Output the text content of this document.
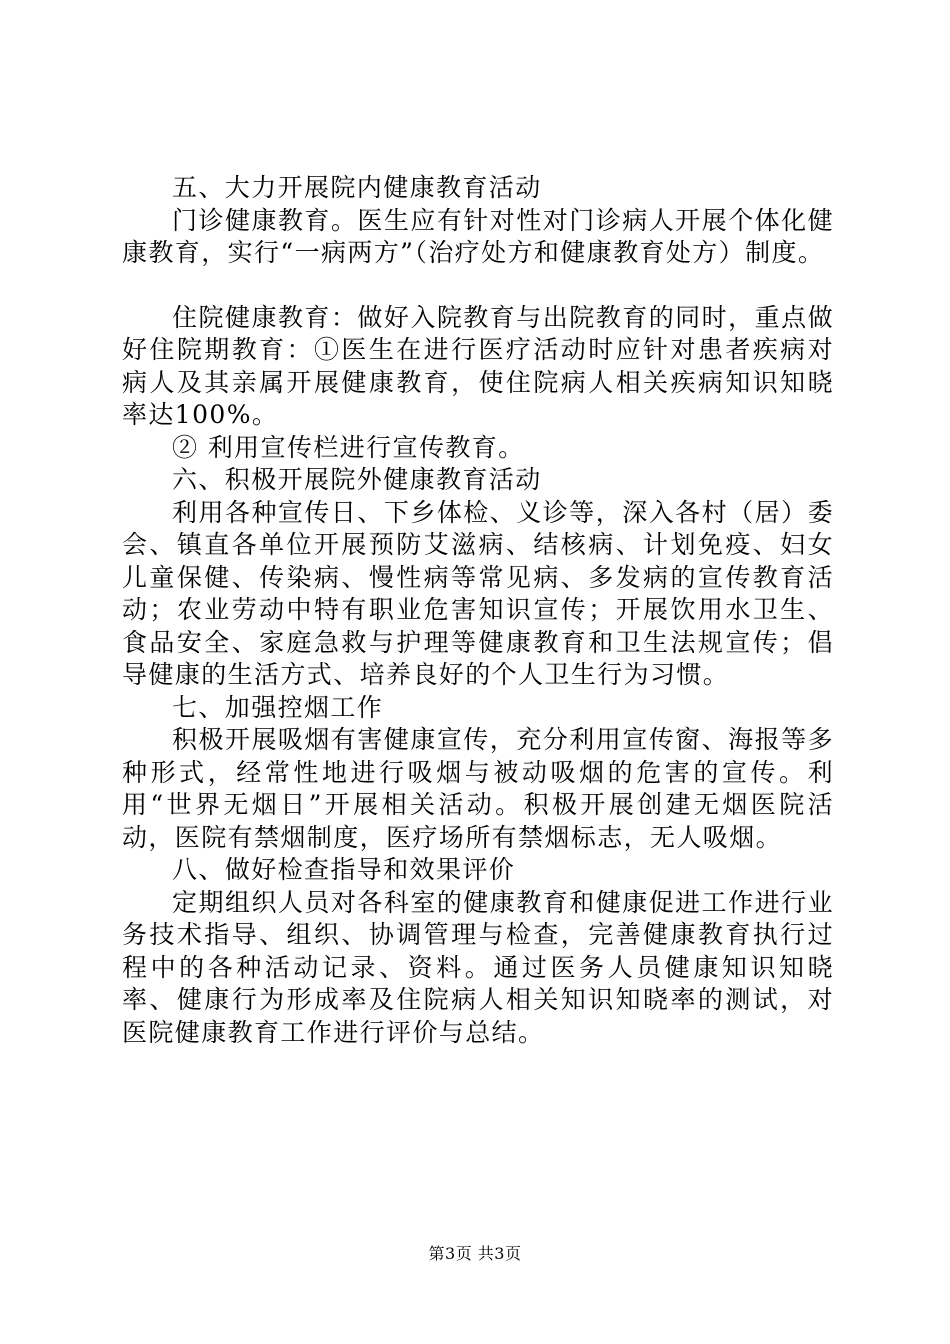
五、大力开展院内健康教育活动

门诊健康教育。医生应有针对性对门诊病人开展个体化健康教育，实行“一病两方”（治疗处方和健康教育处方）制度。

住院健康教育：做好入院教育与出院教育的同时，重点做好住院期教育：①医生在进行医疗活动时应针对患者疾病对病人及其亲属开展健康教育，使住院病人相关疾病知识知晓率达100%。

② 利用宣传栏进行宣传教育。

六、积极开展院外健康教育活动

利用各种宣传日、下乡体检、义诊等，深入各村（居）委会、镇直各单位开展预防艾滋病、结核病、计划免疫、妇女儿童保健、传染病、慢性病等常见病、多发病的宣传教育活动；农业劳动中特有职业危害知识宣传；开展饮用水卫生、食品安全、家庭急救与护理等健康教育和卫生法规宣传；倡导健康的生活方式、培养良好的个人卫生行为习惯。

七、加强控烟工作

积极开展吸烟有害健康宣传，充分利用宣传窗、海报等多种形式，经常性地进行吸烟与被动吸烟的危害的宣传。利用“世界无烟日”开展相关活动。积极开展创建无烟医院活动，医院有禁烟制度，医疗场所有禁烟标志，无人吸烟。

八、做好检查指导和效果评价

定期组织人员对各科室的健康教育和健康促进工作进行业务技术指导、组织、协调管理与检查，完善健康教育执行过程中的各种活动记录、资料。通过医务人员健康知识知晓率、健康行为形成率及住院病人相关知识知晓率的测试，对医院健康教育工作进行评价与总结。

第3页 共3页
